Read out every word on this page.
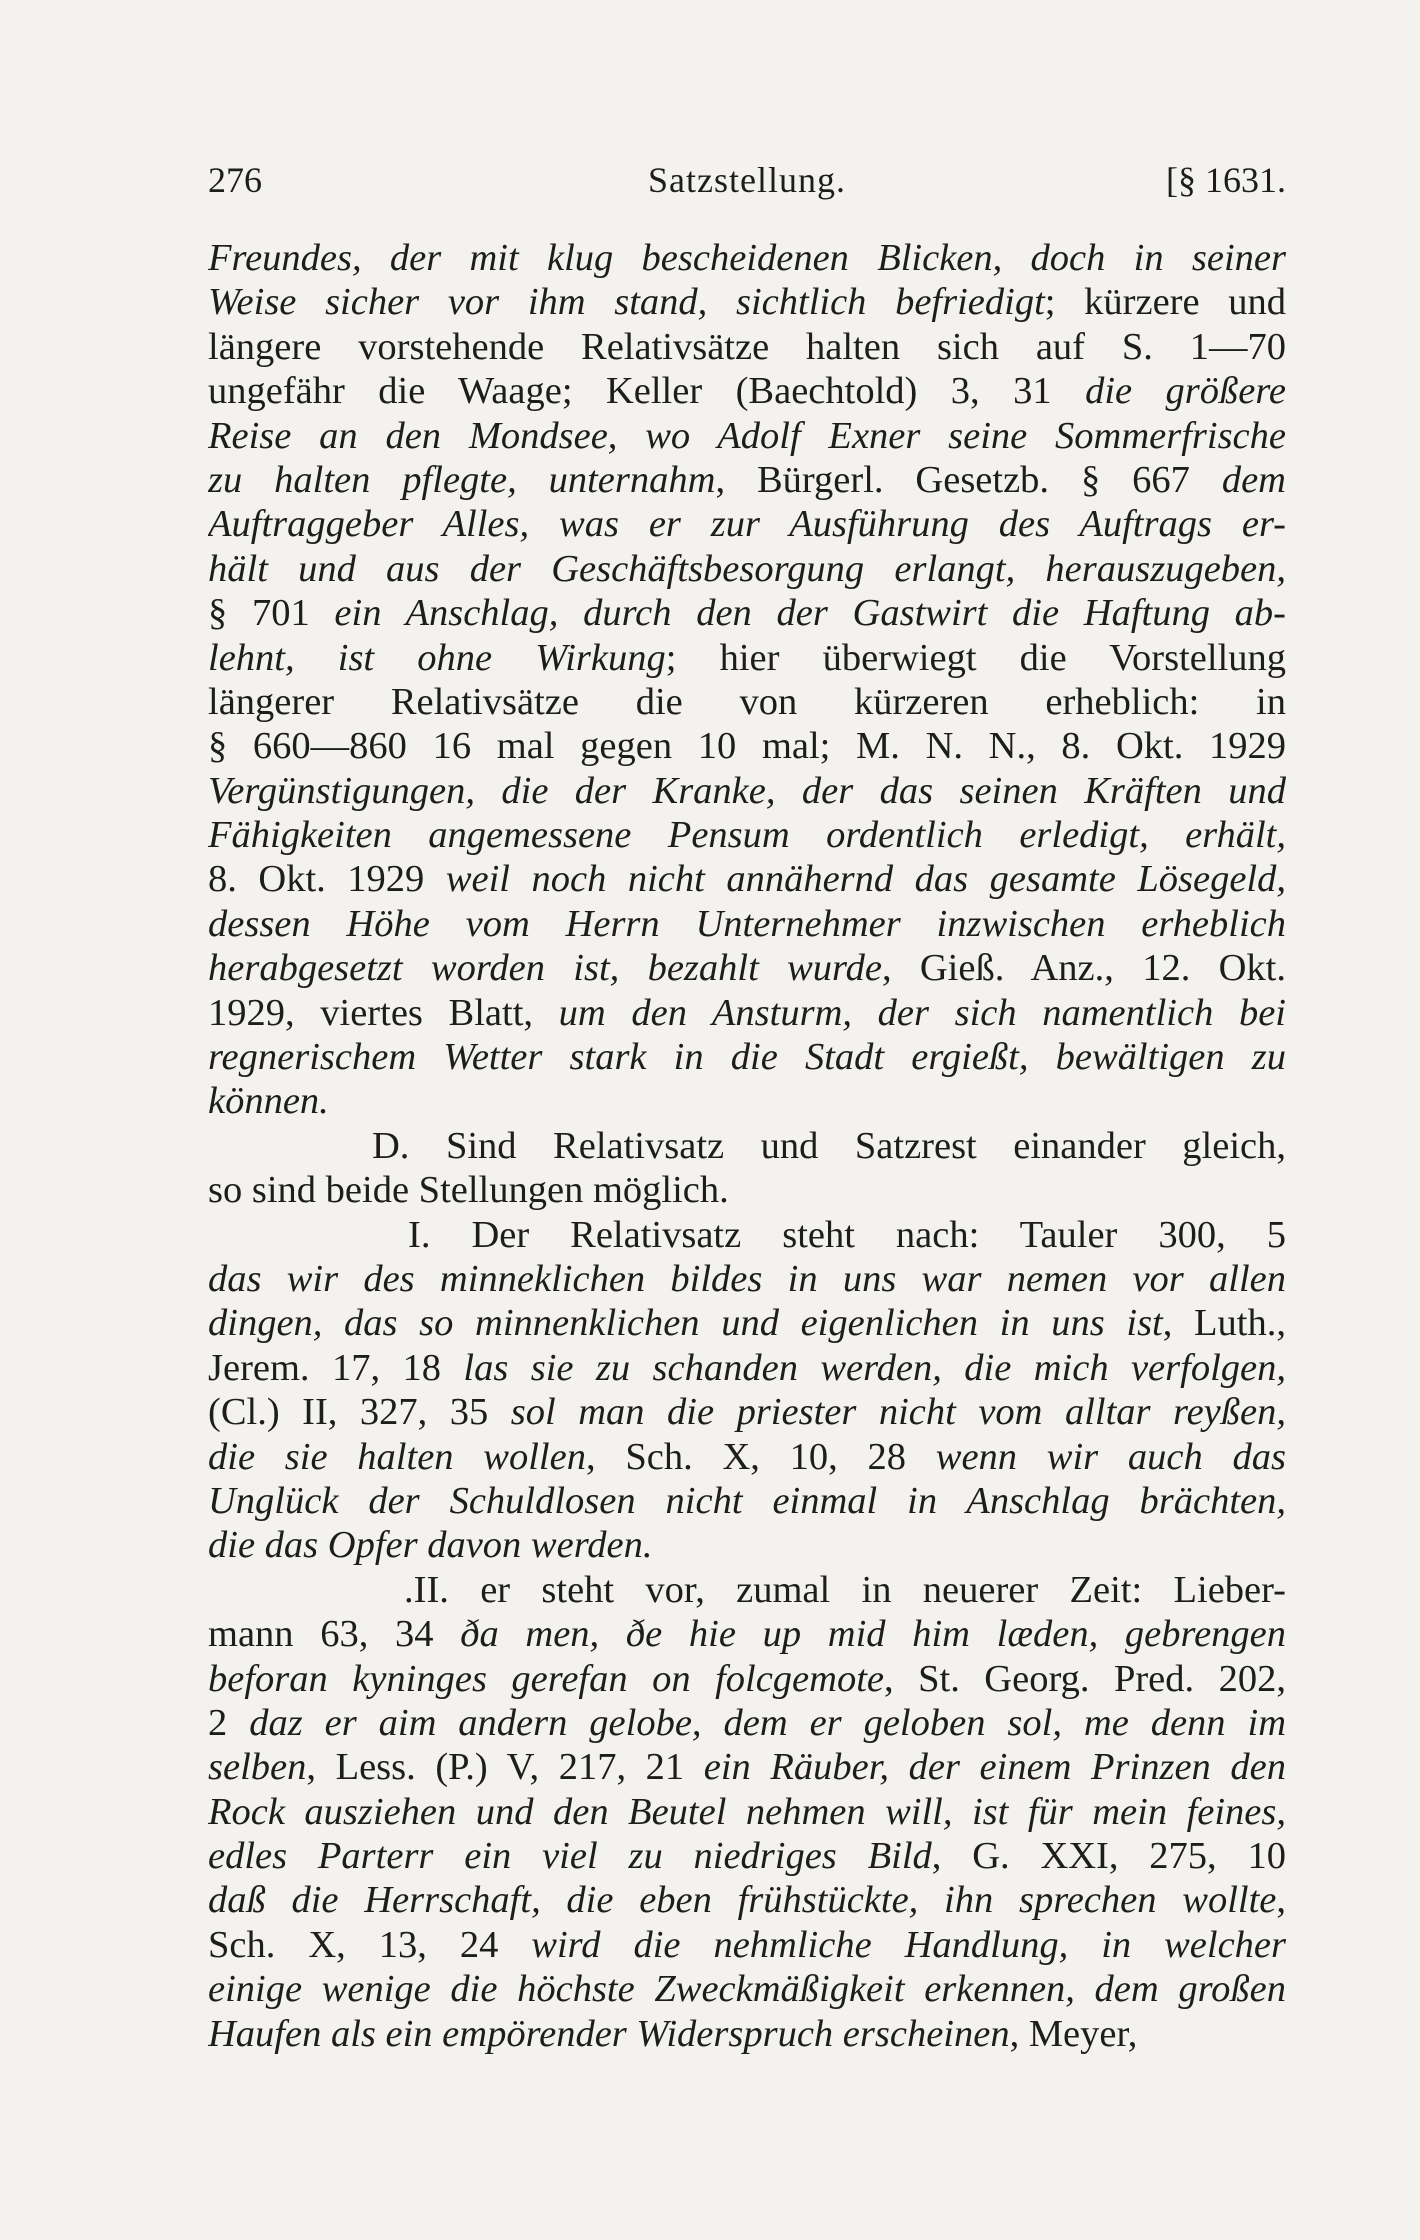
276	Satzstellung.	[§ 1631.
Freundes, der mit klug bescheidenen Blicken, doch in seiner
Weise sicher vor ihm stand, sichtlich befriedigt; kürzere und
längere vorstehende Relativsätze halten sich auf S. 1—70
ungefähr die Waage; Keller (Baechtold) 3, 31 die größere
Reise an den Mondsee, wo Adolf Exner seine Sommerfrische
zu halten pflegte, unternahm, Bürgerl. Gesetzb. § 667 dem
Auftraggeber Alles, was er zur Ausführung des Auftrags er-
hält und aus der Geschäftsbesorgung erlangt, herauszugeben,
§ 701 ein Anschlag, durch den der Gastwirt die Haftung ab-
lehnt, ist ohne Wirkung; hier überwiegt die Vorstellung
längerer Relativsätze die von kürzeren erheblich: in
§ 660—860 16 mal gegen 10 mal; M. N. N., 8. Okt. 1929
Vergünstigungen, die der Kranke, der das seinen Kräften und
Fähigkeiten angemessene Pensum ordentlich erledigt, erhält,
8. Okt. 1929 weil noch nicht annähernd das gesamte Lösegeld,
dessen Höhe vom Herrn Unternehmer inzwischen erheblich
herabgesetzt worden ist, bezahlt wurde, Gieß. Anz., 12. Okt.
1929, viertes Blatt, um den Ansturm, der sich namentlich bei
regnerischem Wetter stark in die Stadt ergießt, bewältigen zu
können.
D. Sind Relativsatz und Satzrest einander gleich,
so sind beide Stellungen möglich.
I. Der Relativsatz steht nach: Tauler 300, 5
das wir des minneklichen bildes in uns war nemen vor allen
dingen, das so minnenklichen und eigenlichen in uns ist, Luth.,
Jerem. 17, 18 las sie zu schanden werden, die mich verfolgen,
(Cl.) II, 327, 35 sol man die priester nicht vom alltar reyßen,
die sie halten wollen, Sch. X, 10, 28 wenn wir auch das
Unglück der Schuldlosen nicht einmal in Anschlag brächten,
die das Opfer davon werden.
.II. er steht vor, zumal in neuerer Zeit: Lieber-
mann 63, 34 ða men, ðe hie up mid him læden, gebrengen
beforan kyninges gerefan on folcgemote, St. Georg. Pred. 202,
2 daz er aim andern gelobe, dem er geloben sol, me denn im
selben, Less. (P.) V, 217, 21 ein Räuber, der einem Prinzen den
Rock ausziehen und den Beutel nehmen will, ist für mein feines,
edles Parterr ein viel zu niedriges Bild, G. XXI, 275, 10
daß die Herrschaft, die eben frühstückte, ihn sprechen wollte,
Sch. X, 13, 24 wird die nehmliche Handlung, in welcher
einige wenige die höchste Zweckmäßigkeit erkennen, dem großen
Haufen als ein empörender Widerspruch erscheinen, Meyer,
